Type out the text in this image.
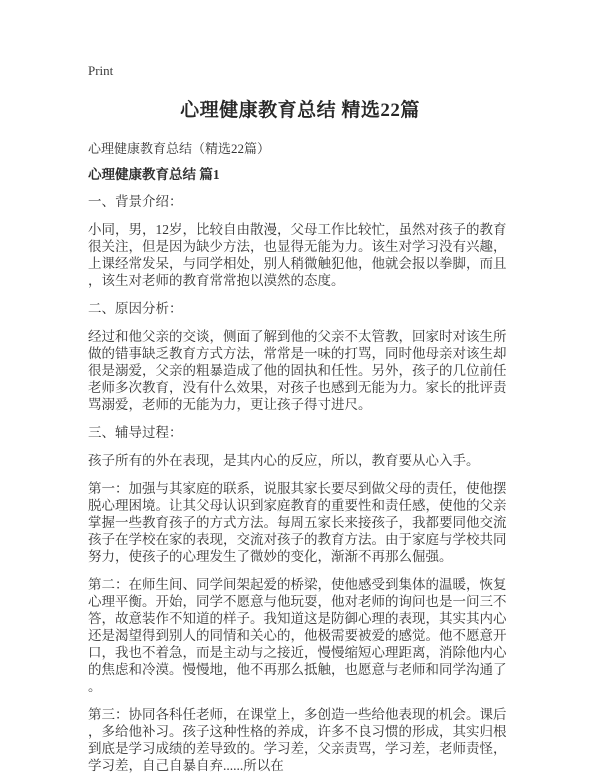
Print
心理健康教育总结 精选22篇

心理健康教育总结（精选22篇）

心理健康教育总结 篇1

一、背景介绍：

小同，男，12岁，比较自由散漫，父母工作比较忙，虽然对孩子的教育很关注，但是因为缺少方法，也显得无能为力。该生对学习没有兴趣，上课经常发呆，与同学相处，别人稍微触犯他，他就会报以拳脚，而且，该生对老师的教育常常抱以漠然的态度。

二、原因分析：

经过和他父亲的交谈，侧面了解到他的父亲不太管教，回家时对该生所做的错事缺乏教育方式方法，常常是一味的打骂，同时他母亲对该生却很是溺爱，父亲的粗暴造成了他的固执和任性。另外，孩子的几位前任老师多次教育，没有什么效果，对孩子也感到无能为力。家长的批评责骂溺爱，老师的无能为力，更让孩子得寸进尺。

三、辅导过程：

孩子所有的外在表现，是其内心的反应，所以，教育要从心入手。

第一：加强与其家庭的联系，说服其家长要尽到做父母的责任，使他摆脱心理困境。让其父母认识到家庭教育的重要性和责任感，使他的父亲掌握一些教育孩子的方式方法。每周五家长来接孩子，我都要同他交流孩子在学校在家的表现，交流对孩子的教育方法。由于家庭与学校共同努力，使孩子的心理发生了微妙的变化，渐渐不再那么倔强。

第二：在师生间、同学间架起爱的桥梁，使他感受到集体的温暖，恢复心理平衡。开始，同学不愿意与他玩耍，他对老师的询问也是一问三不答，故意装作不知道的样子。我知道这是防御心理的表现，其实其内心还是渴望得到别人的同情和关心的，他极需要被爱的感觉。他不愿意开口，我也不着急，而是主动与之接近，慢慢缩短心理距离，消除他内心的焦虑和冷漠。慢慢地，他不再那么抵触，也愿意与老师和同学沟通了。

第三：协同各科任老师，在课堂上，多创造一些给他表现的机会。课后，多给他补习。孩子这种性格的养成，许多不良习惯的形成，其实归根到底是学习成绩的差导致的。学习差，父亲责骂，学习差，老师责怪，学习差，自己自暴自弃......所以在
